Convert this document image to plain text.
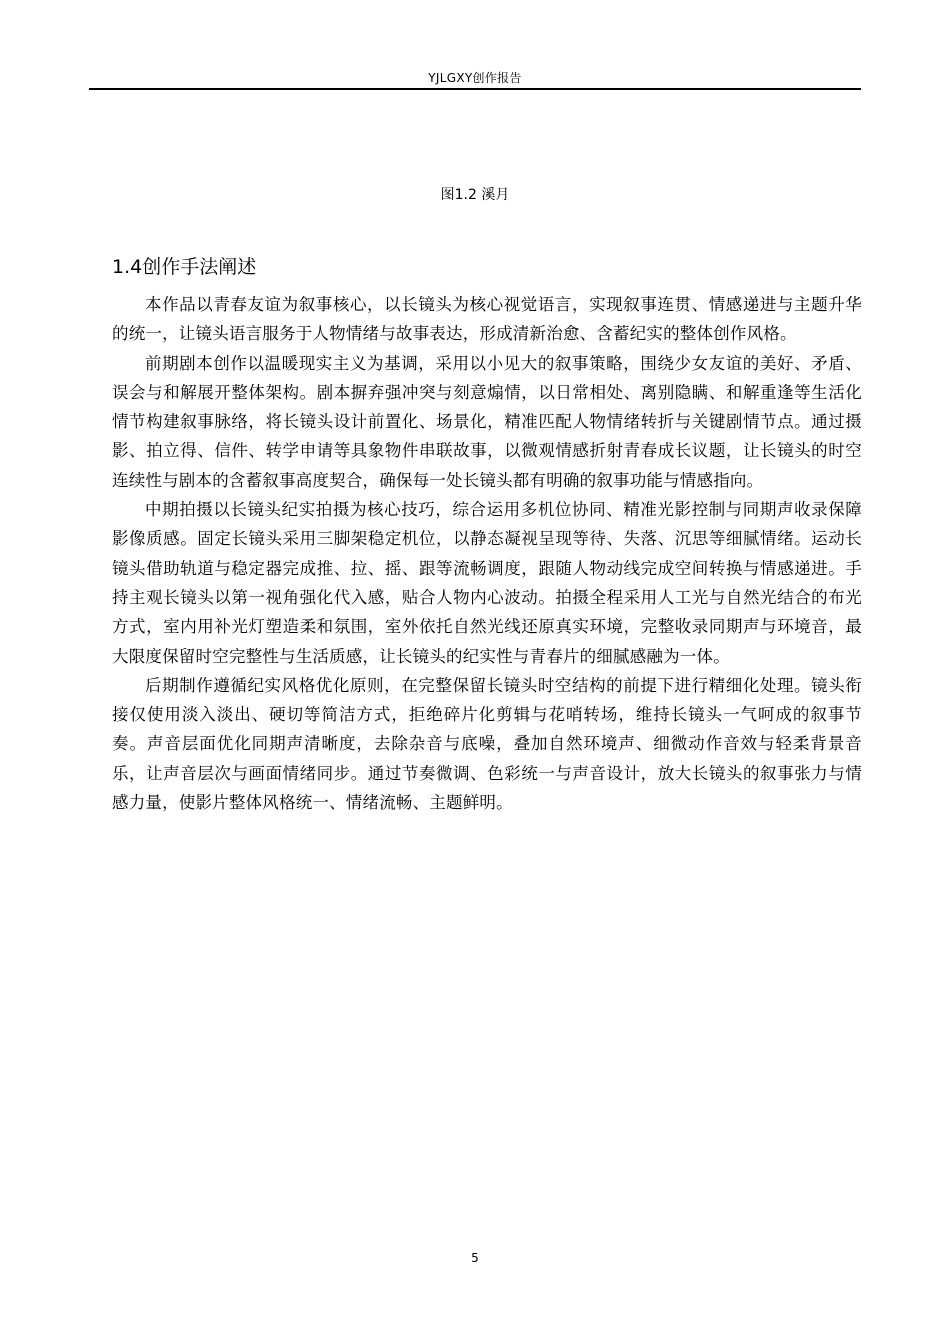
YJLGXY创作报告
图1.2 溪月
1.4创作手法阐述

本作品以青春友谊为叙事核心，以长镜头为核心视觉语言，实现叙事连贯、情感递进与主题升华的统一，让镜头语言服务于人物情绪与故事表达，形成清新治愈、含蓄纪实的整体创作风格。

前期剧本创作以温暖现实主义为基调，采用以小见大的叙事策略，围绕少女友谊的美好、矛盾、误会与和解展开整体架构。剧本摒弃强冲突与刻意煽情，以日常相处、离别隐瞒、和解重逢等生活化情节构建叙事脉络，将长镜头设计前置化、场景化，精准匹配人物情绪转折与关键剧情节点。通过摄影、拍立得、信件、转学申请等具象物件串联故事，以微观情感折射青春成长议题，让长镜头的时空连续性与剧本的含蓄叙事高度契合，确保每一处长镜头都有明确的叙事功能与情感指向。

中期拍摄以长镜头纪实拍摄为核心技巧，综合运用多机位协同、精准光影控制与同期声收录保障影像质感。固定长镜头采用三脚架稳定机位，以静态凝视呈现等待、失落、沉思等细腻情绪。运动长镜头借助轨道与稳定器完成推、拉、摇、跟等流畅调度，跟随人物动线完成空间转换与情感递进。手持主观长镜头以第一视角强化代入感，贴合人物内心波动。拍摄全程采用人工光与自然光结合的布光方式，室内用补光灯塑造柔和氛围，室外依托自然光线还原真实环境，完整收录同期声与环境音，最大限度保留时空完整性与生活质感，让长镜头的纪实性与青春片的细腻感融为一体。

后期制作遵循纪实风格优化原则，在完整保留长镜头时空结构的前提下进行精细化处理。镜头衔接仅使用淡入淡出、硬切等简洁方式，拒绝碎片化剪辑与花哨转场，维持长镜头一气呵成的叙事节奏。声音层面优化同期声清晰度，去除杂音与底噪，叠加自然环境声、细微动作音效与轻柔背景音乐，让声音层次与画面情绪同步。通过节奏微调、色彩统一与声音设计，放大长镜头的叙事张力与情感力量，使影片整体风格统一、情绪流畅、主题鲜明。

5
